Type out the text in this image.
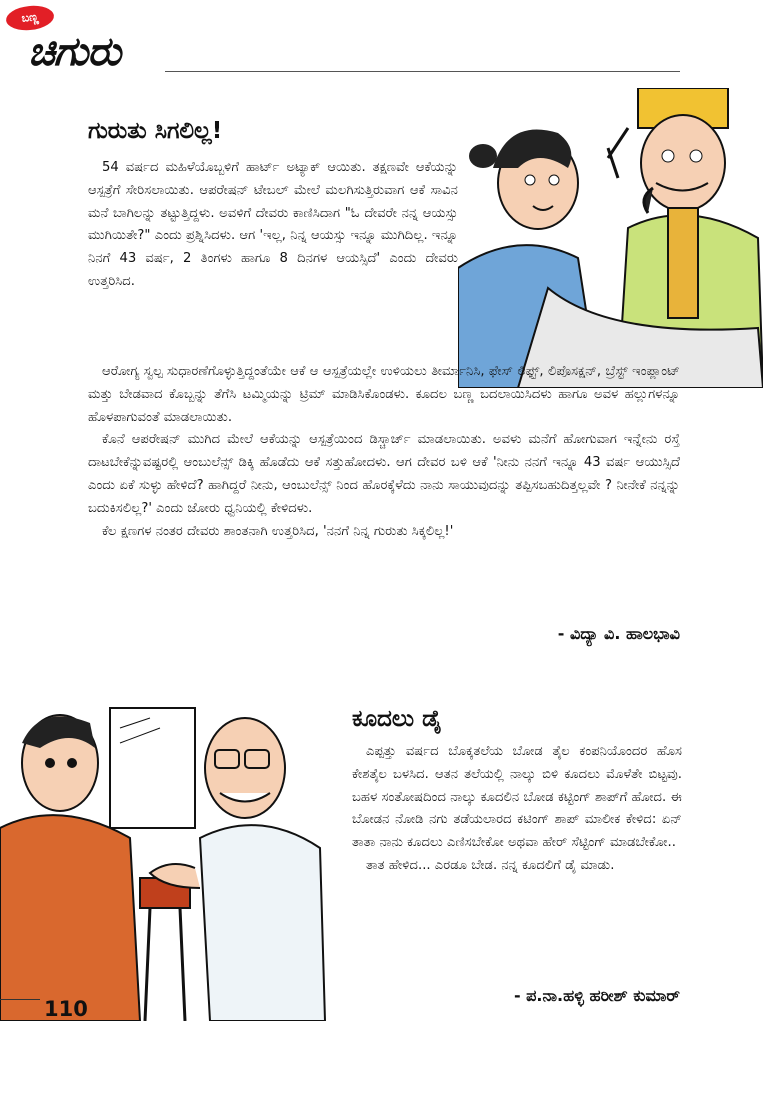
ಬಣ್ಣ
ಚಿಗುರು
ಗುರುತು ಸಿಗಲಿಲ್ಲ!

54 ವರ್ಷದ ಮಹಿಳೆಯೊಬ್ಬಳಿಗೆ ಹಾರ್ಟ್ ಅಟ್ಯಾಕ್ ಆಯಿತು. ತಕ್ಷಣವೇ ಆಕೆಯನ್ನು ಆಸ್ಪತ್ರೆಗೆ ಸೇರಿಸಲಾಯಿತು. ಆಪರೇಷನ್ ಟೇಬಲ್ ಮೇಲೆ ಮಲಗಿಸುತ್ತಿರುವಾಗ ಆಕೆ ಸಾವಿನ ಮನೆ ಬಾಗಿಲನ್ನು ತಟ್ಟುತ್ತಿದ್ದಳು. ಅವಳಿಗೆ ದೇವರು ಕಾಣಿಸಿದಾಗ "ಓ ದೇವರೇ ನನ್ನ ಆಯಸ್ಸು ಮುಗಿಯಿತೇ?" ಎಂದು ಪ್ರಶ್ನಿಸಿದಳು. ಆಗ 'ಇಲ್ಲ, ನಿನ್ನ ಆಯಸ್ಸು ಇನ್ನೂ ಮುಗಿದಿಲ್ಲ. ಇನ್ನೂ ನಿನಗೆ 43 ವರ್ಷ, 2 ತಿಂಗಳು ಹಾಗೂ 8 ದಿನಗಳ ಆಯಸ್ಸಿದೆ' ಎಂದು ದೇವರು ಉತ್ತರಿಸಿದ.

ಆರೋಗ್ಯ ಸ್ವಲ್ಪ ಸುಧಾರಣೆಗೊಳ್ಳುತ್ತಿದ್ದಂತೆಯೇ ಆಕೆ ಆ ಆಸ್ಪತ್ರೆಯಲ್ಲೇ ಉಳಿಯಲು ತೀರ್ಮಾನಿಸಿ, ಫೇಸ್ ಲಿಫ್ಟ್, ಲಿಪೊಸಕ್ಷನ್, ಬ್ರೆಸ್ಟ್ ಇಂಪ್ಲಾಂಟ್ ಮತ್ತು ಬೇಡವಾದ ಕೊಬ್ಬನ್ನು ತೆಗೆಸಿ ಟಮ್ಮಿಯನ್ನು ಟ್ರಿಮ್ ಮಾಡಿಸಿಕೊಂಡಳು. ಕೂದಲ ಬಣ್ಣ ಬದಲಾಯಿಸಿದಳು ಹಾಗೂ ಅವಳ ಹಲ್ಲುಗಳನ್ನೂ ಹೊಳಪಾಗುವಂತೆ ಮಾಡಲಾಯಿತು.

ಕೊನೆ ಆಪರೇಷನ್ ಮುಗಿದ ಮೇಲೆ ಆಕೆಯನ್ನು ಆಸ್ಪತ್ರೆಯಿಂದ ಡಿಸ್ಚಾರ್ಜ್ ಮಾಡಲಾಯಿತು. ಅವಳು ಮನೆಗೆ ಹೋಗುವಾಗ ಇನ್ನೇನು ರಸ್ತೆ ದಾಟಬೇಕೆನ್ನುವಷ್ಟರಲ್ಲಿ ಆಂಬುಲೆನ್ಸ್ ಡಿಕ್ಕಿ ಹೊಡೆದು ಆಕೆ ಸತ್ತುಹೋದಳು. ಆಗ ದೇವರ ಬಳಿ ಆಕೆ 'ನೀನು ನನಗೆ ಇನ್ನೂ 43 ವರ್ಷ ಆಯುಸ್ಸಿದೆ ಎಂದು ಏಕೆ ಸುಳ್ಳು ಹೇಳಿದೆ? ಹಾಗಿದ್ದರೆ ನೀನು, ಆಂಬುಲೆನ್ಸ್ ನಿಂದ ಹೊರಕ್ಕೆಳೆದು ನಾನು ಸಾಯುವುದನ್ನು ತಪ್ಪಿಸಬಹುದಿತ್ತಲ್ಲವೇ ? ನೀನೇಕೆ ನನ್ನನ್ನು ಬದುಕಿಸಲಿಲ್ಲ?' ಎಂದು ಜೋರು ಧ್ವನಿಯಲ್ಲಿ ಕೇಳಿದಳು.

ಕೆಲ ಕ್ಷಣಗಳ ನಂತರ ದೇವರು ಶಾಂತನಾಗಿ ಉತ್ತರಿಸಿದ, 'ನನಗೆ ನಿನ್ನ ಗುರುತು ಸಿಕ್ಕಲಿಲ್ಲ!'

- ವಿದ್ಯಾ ವಿ. ಹಾಲಭಾವಿ
ಕೂದಲು ಡೈ

ಎಪ್ಪತ್ತು ವರ್ಷದ ಬೊಕ್ಕತಲೆಯ ಬೋಡ ತೈಲ ಕಂಪನಿಯೊಂದರ ಹೊಸ ಕೇಶತೈಲ ಬಳಸಿದ. ಆತನ ತಲೆಯಲ್ಲಿ ನಾಲ್ಕು ಬಿಳಿ ಕೂದಲು ಮೊಳೆತೇ ಬಿಟ್ಟವು. ಬಹಳ ಸಂತೋಷದಿಂದ ನಾಲ್ಕು ಕೂದಲಿನ ಬೋಡ ಕಟ್ಟಿಂಗ್ ಶಾಪ್‌ಗೆ ಹೋದ. ಈ ಬೋಡನ ನೋಡಿ ನಗು ತಡೆಯಲಾರದ ಕಟಿಂಗ್ ಶಾಪ್ ಮಾಲೀಕ ಕೇಳಿದ: ಏನ್ ತಾತಾ ನಾನು ಕೂದಲು ಎಣಿಸಬೇಕೋ ಅಥವಾ ಹೇರ್ ಸೆಟ್ಟಿಂಗ್ ಮಾಡಬೇಕೋ..

ತಾತ ಹೇಳಿದ... ಎರಡೂ ಬೇಡ. ನನ್ನ ಕೂದಲಿಗೆ ಡೈ ಮಾಡು.

- ಪ.ನಾ.ಹಳ್ಳಿ ಹರೀಶ್ ಕುಮಾರ್
110
